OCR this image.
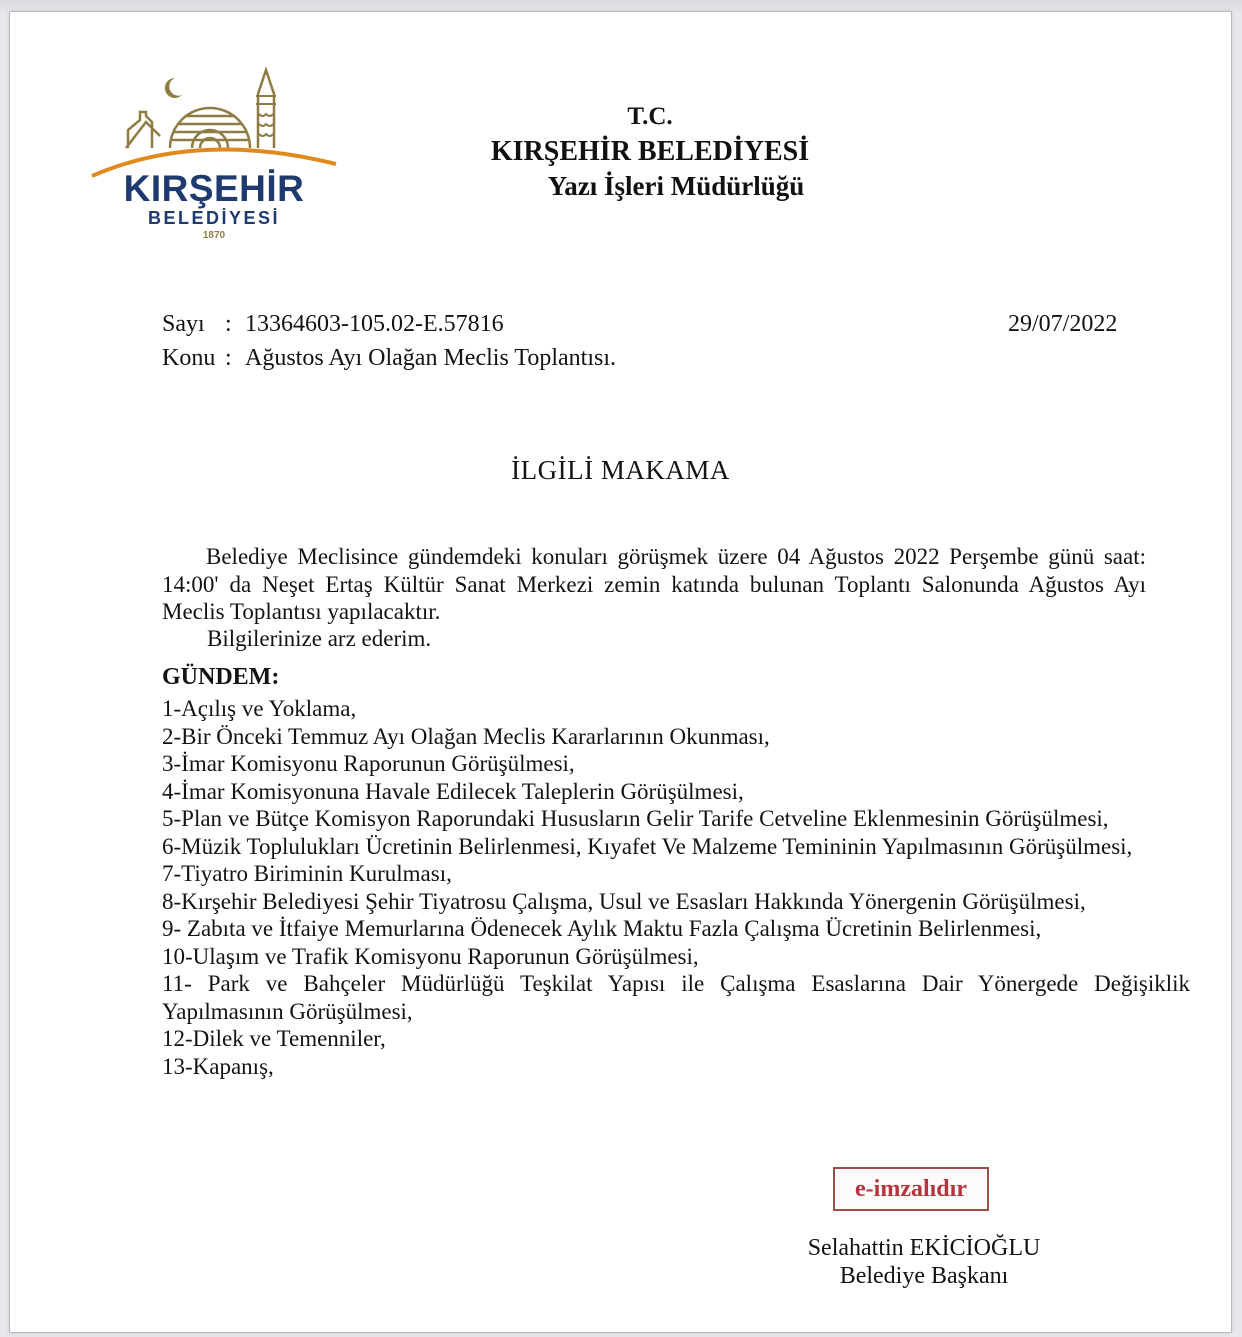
KIRŞEHİR
BELEDİYESİ
1870
T.C.
KIRŞEHİR BELEDİYESİ
Yazı İşleri Müdürlüğü
Sayı : 13364603-105.02-E.57816
Konu : Ağustos Ayı Olağan Meclis Toplantısı.
29/07/2022
İLGİLİ MAKAMA
Belediye Meclisince gündemdeki konuları görüşmek üzere 04 Ağustos 2022 Perşembe günü saat: 14:00' da Neşet Ertaş Kültür Sanat Merkezi zemin katında bulunan Toplantı Salonunda Ağustos Ayı Meclis Toplantısı yapılacaktır.
Bilgilerinize arz ederim.
GÜNDEM:
1-Açılış ve Yoklama,
2-Bir Önceki Temmuz Ayı Olağan Meclis Kararlarının Okunması,
3-İmar Komisyonu Raporunun Görüşülmesi,
4-İmar Komisyonuna Havale Edilecek Taleplerin Görüşülmesi,
5-Plan ve Bütçe Komisyon Raporundaki Hususların Gelir Tarife Cetveline Eklenmesinin Görüşülmesi,
6-Müzik Toplulukları Ücretinin Belirlenmesi, Kıyafet Ve Malzeme Temininin Yapılmasının Görüşülmesi,
7-Tiyatro Biriminin Kurulması,
8-Kırşehir Belediyesi Şehir Tiyatrosu Çalışma, Usul ve Esasları Hakkında Yönergenin Görüşülmesi,
9- Zabıta ve İtfaiye Memurlarına Ödenecek Aylık Maktu Fazla Çalışma Ücretinin Belirlenmesi,
10-Ulaşım ve Trafik Komisyonu Raporunun Görüşülmesi,
11- Park ve Bahçeler Müdürlüğü Teşkilat Yapısı ile Çalışma Esaslarına Dair Yönergede Değişiklik Yapılmasının Görüşülmesi,
12-Dilek ve Temenniler,
13-Kapanış,
e-imzalıdır
Selahattin EKİCİOĞLU
Belediye Başkanı
